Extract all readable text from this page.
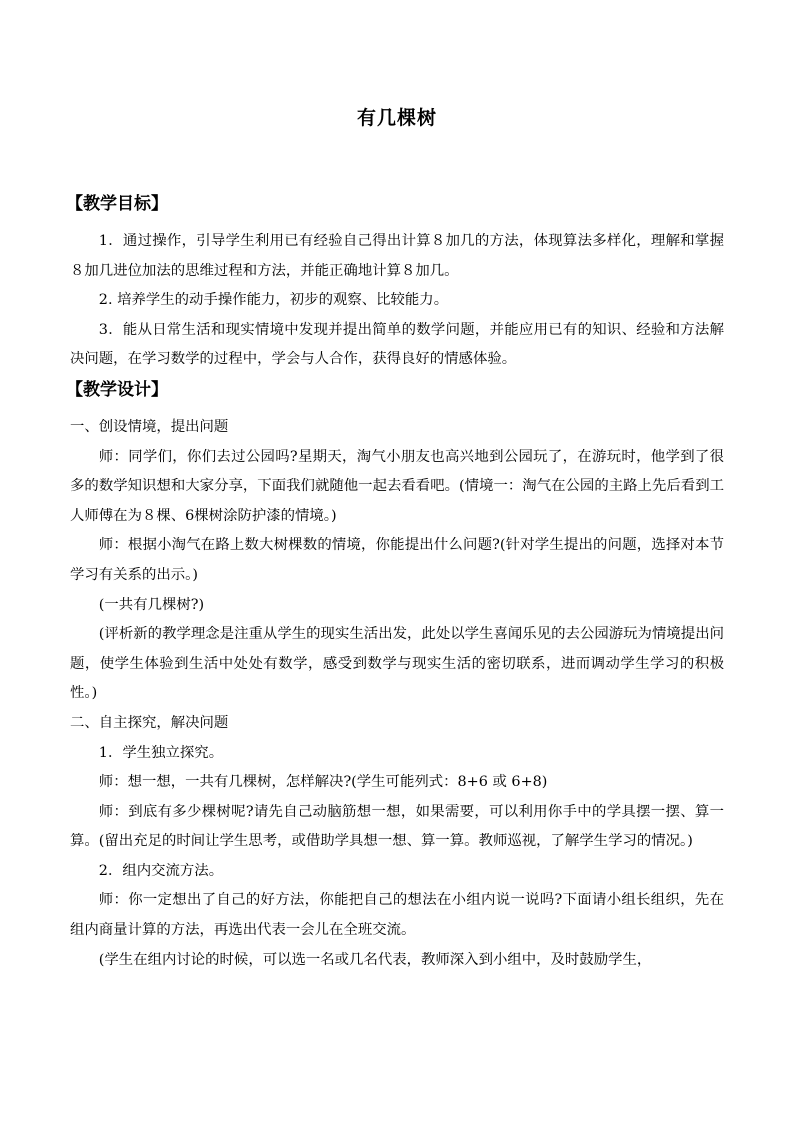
有几棵树
【教学目标】

1．通过操作，引导学生利用已有经验自己得出计算８加几的方法，体现算法多样化，理解和掌握８加几进位加法的思维过程和方法，并能正确地计算８加几。

2. 培养学生的动手操作能力，初步的观察、比较能力。

3．能从日常生活和现实情境中发现并提出简单的数学问题，并能应用已有的知识、经验和方法解决问题，在学习数学的过程中，学会与人合作，获得良好的情感体验。

【教学设计】

一、创设情境，提出问题

师：同学们，你们去过公园吗?星期天，淘气小朋友也高兴地到公园玩了，在游玩时，他学到了很多的数学知识想和大家分享，下面我们就随他一起去看看吧。(情境一：淘气在公园的主路上先后看到工人师傅在为８棵、6棵树涂防护漆的情境。)

师：根据小淘气在路上数大树棵数的情境，你能提出什么问题?(针对学生提出的问题，选择对本节学习有关系的出示。)

(一共有几棵树?)

(评析新的教学理念是注重从学生的现实生活出发，此处以学生喜闻乐见的去公园游玩为情境提出问题，使学生体验到生活中处处有数学，感受到数学与现实生活的密切联系，进而调动学生学习的积极性。)

二、自主探究，解决问题

1．学生独立探究。

师：想一想，一共有几棵树，怎样解决?(学生可能列式：8+6 或 6+8)

师：到底有多少棵树呢?请先自己动脑筋想一想，如果需要，可以利用你手中的学具摆一摆、算一算。(留出充足的时间让学生思考，或借助学具想一想、算一算。教师巡视，了解学生学习的情况。)

2．组内交流方法。

师：你一定想出了自己的好方法，你能把自己的想法在小组内说一说吗?下面请小组长组织，先在组内商量计算的方法，再选出代表一会儿在全班交流。

(学生在组内讨论的时候，可以选一名或几名代表，教师深入到小组中，及时鼓励学生，
